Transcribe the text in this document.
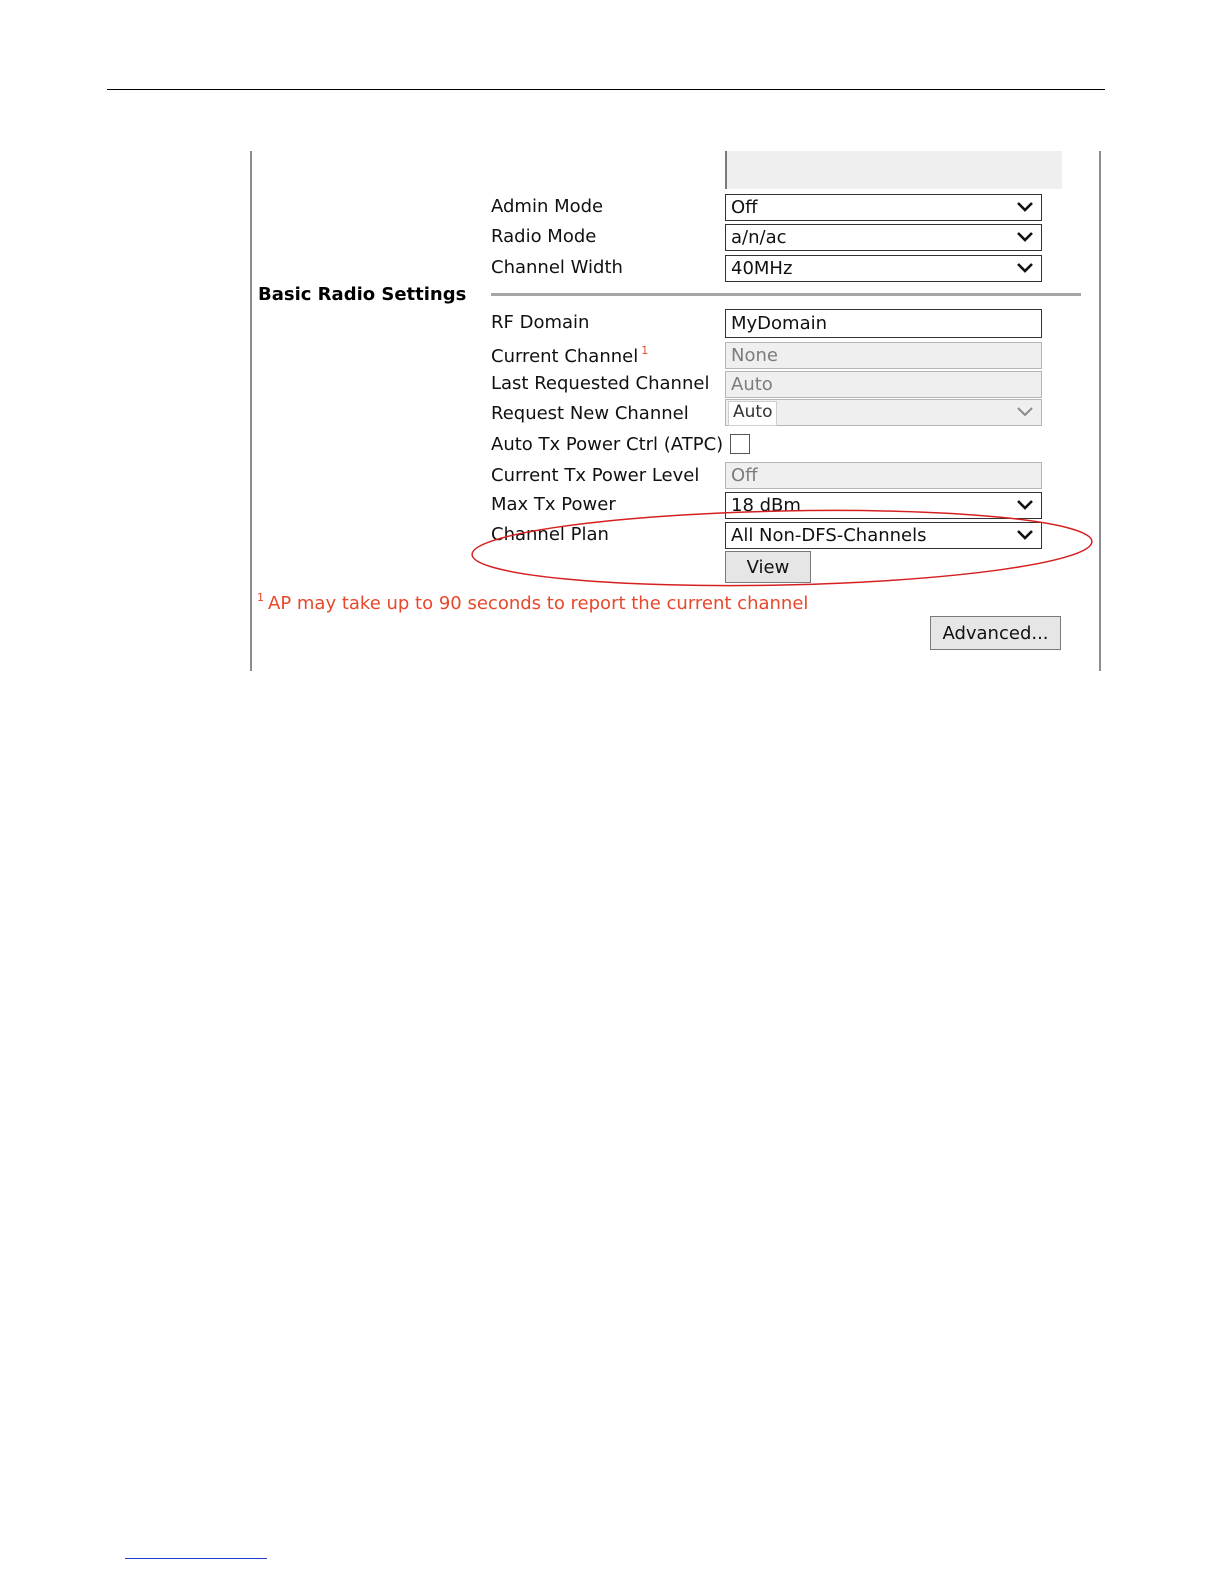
Basic Radio Settings
Admin Mode	Off
Radio Mode	a/n/ac
Channel Width	40MHz
RF Domain	MyDomain
Current Channel $^1$	None
Last Requested Channel	Auto
Request New Channel	Auto
Auto Tx Power Ctrl (ATPC)
Current Tx Power Level	Off
Max Tx Power	18 dBm
Channel Plan	All Non-DFS-Channels
View
$^1$ AP may take up to 90 seconds to report the current channel
Advanced...
